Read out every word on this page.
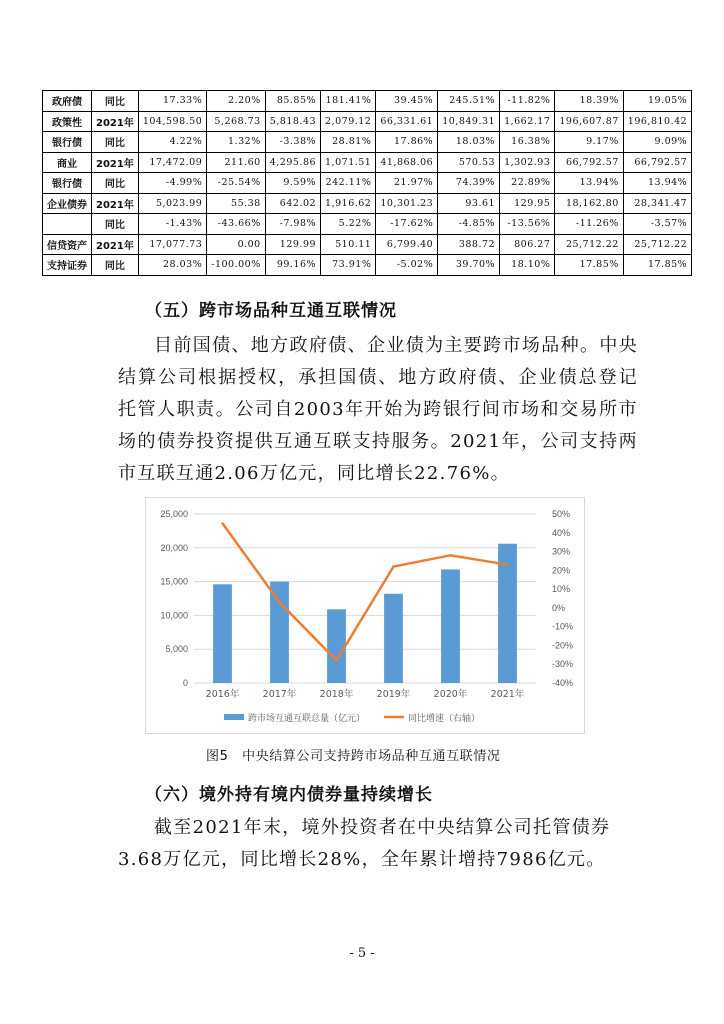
政府债	同比	17.33%	2.20%	85.85%	181.41%	39.45%	245.51%	-11.82%	18.39%	19.05%
政策性	2021年	104,598.50	5,268.73	5,818.43	2,079.12	66,331.61	10,849.31	1,662.17	196,607.87	196,810.42
银行债	同比	4.22%	1.32%	-3.38%	28.81%	17.86%	18.03%	16.38%	9.17%	9.09%
商业	2021年	17,472.09	211.60	4,295.86	1,071.51	41,868.06	570.53	1,302.93	66,792.57	66,792.57
银行债	同比	-4.99%	-25.54%	9.59%	242.11%	21.97%	74.39%	22.89%	13.94%	13.94%
企业债券	2021年	5,023.99	55.38	642.02	1,916.62	10,301.23	93.61	129.95	18,162.80	28,341.47
	同比	-1.43%	-43.66%	-7.98%	5.22%	-17.62%	-4.85%	-13.56%	-11.26%	-3.57%
信贷资产	2021年	17,077.73	0.00	129.99	510.11	6,799.40	388.72	806.27	25,712.22	25,712.22
支持证券	同比	28.03%	-100.00%	99.16%	73.91%	-5.02%	39.70%	18.10%	17.85%	17.85%
（五）跨市场品种互通互联情况
目前国债、地方政府债、企业债为主要跨市场品种。中央结算公司根据授权，承担国债、地方政府债、企业债总登记托管人职责。公司自2003年开始为跨银行间市场和交易所市场的债券投资提供互通互联支持服务。2021年，公司支持两市互联互通2.06万亿元，同比增长22.76%。
0
5,000
10,000
15,000
20,000
25,000
-40%
-30%
-20%
-10%
0%
10%
20%
30%
40%
50%
2016年 2017年 2018年 2019年 2020年 2021年
跨市场互通互联总量（亿元）	同比增速（右轴）
图5　中央结算公司支持跨市场品种互通互联情况
（六）境外持有境内债券量持续增长
截至2021年末，境外投资者在中央结算公司托管债券3.68万亿元，同比增长28%，全年累计增持7986亿元。
- 5 -
